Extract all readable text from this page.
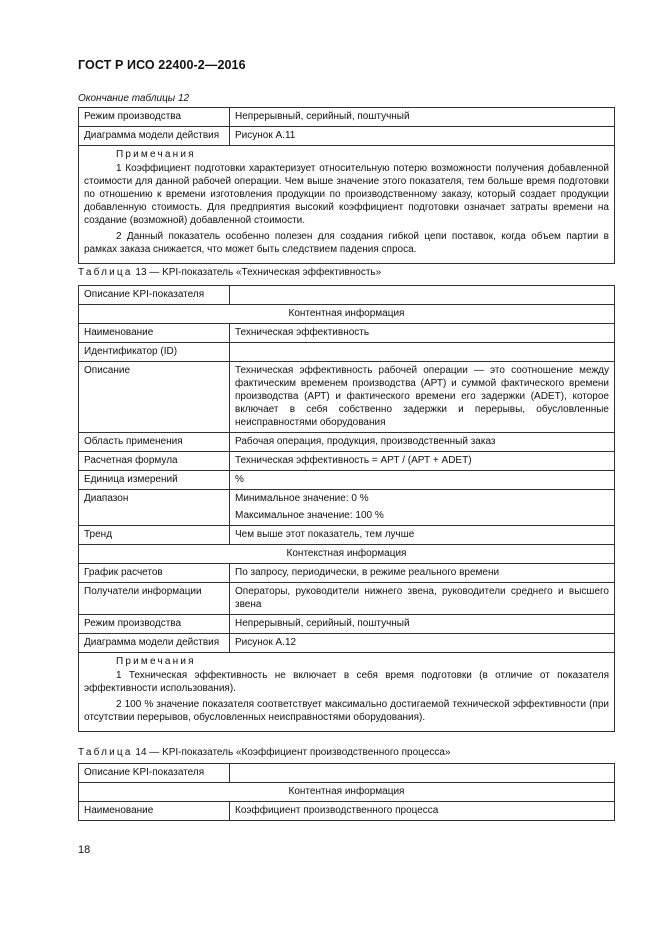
ГОСТ Р ИСО 22400-2—2016
Окончание таблицы 12
Режим производства	Непрерывный, серийный, поштучный
Диаграмма модели действия	Рисунок А.11

Примечания
1 Коэффициент подготовки характеризует относительную потерю возможности получения добавленной стоимости для данной рабочей операции. Чем выше значение этого показателя, тем больше время подготовки по отношению к времени изготовления продукции по производственному заказу, который создает продукции добавленную стоимость. Для предприятия высокий коэффициент подготовки означает затраты времени на создание (возможной) добавленной стоимости.
2 Данный показатель особенно полезен для создания гибкой цепи поставок, когда объем партии в рамках заказа снижается, что может быть следствием падения спроса.	
Таблица 13 — KPI-показатель «Техническая эффективность»
Описание KPI-показателя	
Контентная информация	
Наименование	Техническая эффективность
Идентификатор (ID)	
Описание	Техническая эффективность рабочей операции — это соотношение между фактическим временем производства (АРТ) и суммой фактического времени производства (АРТ) и фактического времени его задержки (ADET), которое включает в себя собственно задержки и перерывы, обусловленные неисправностями оборудования
Область применения	Рабочая операция, продукция, производственный заказ
Расчетная формула	Техническая эффективность = АРТ / (АРТ + ADET)
Единица измерений	%
Диапазон	Минимальное значение: 0 %
Максимальное значение: 100 %

Тренд	Чем выше этот показатель, тем лучше
Контекстная информация	
График расчетов	По запросу, периодически, в режиме реального времени
Получатели информации	Операторы, руководители нижнего звена, руководители среднего и высшего звена
Режим производства	Непрерывный, серийный, поштучный
Диаграмма модели действия	Рисунок А.12

Примечания
1 Техническая эффективность не включает в себя время подготовки (в отличие от показателя эффективности использования).
2 100 % значение показателя соответствует максимально достигаемой технической эффективности (при отсутствии перерывов, обусловленных неисправностями оборудования).	
Таблица 14 — KPI-показатель «Коэффициент производственного процесса»
Описание KPI-показателя	
Контентная информация	
Наименование	Коэффициент производственного процесса
18
